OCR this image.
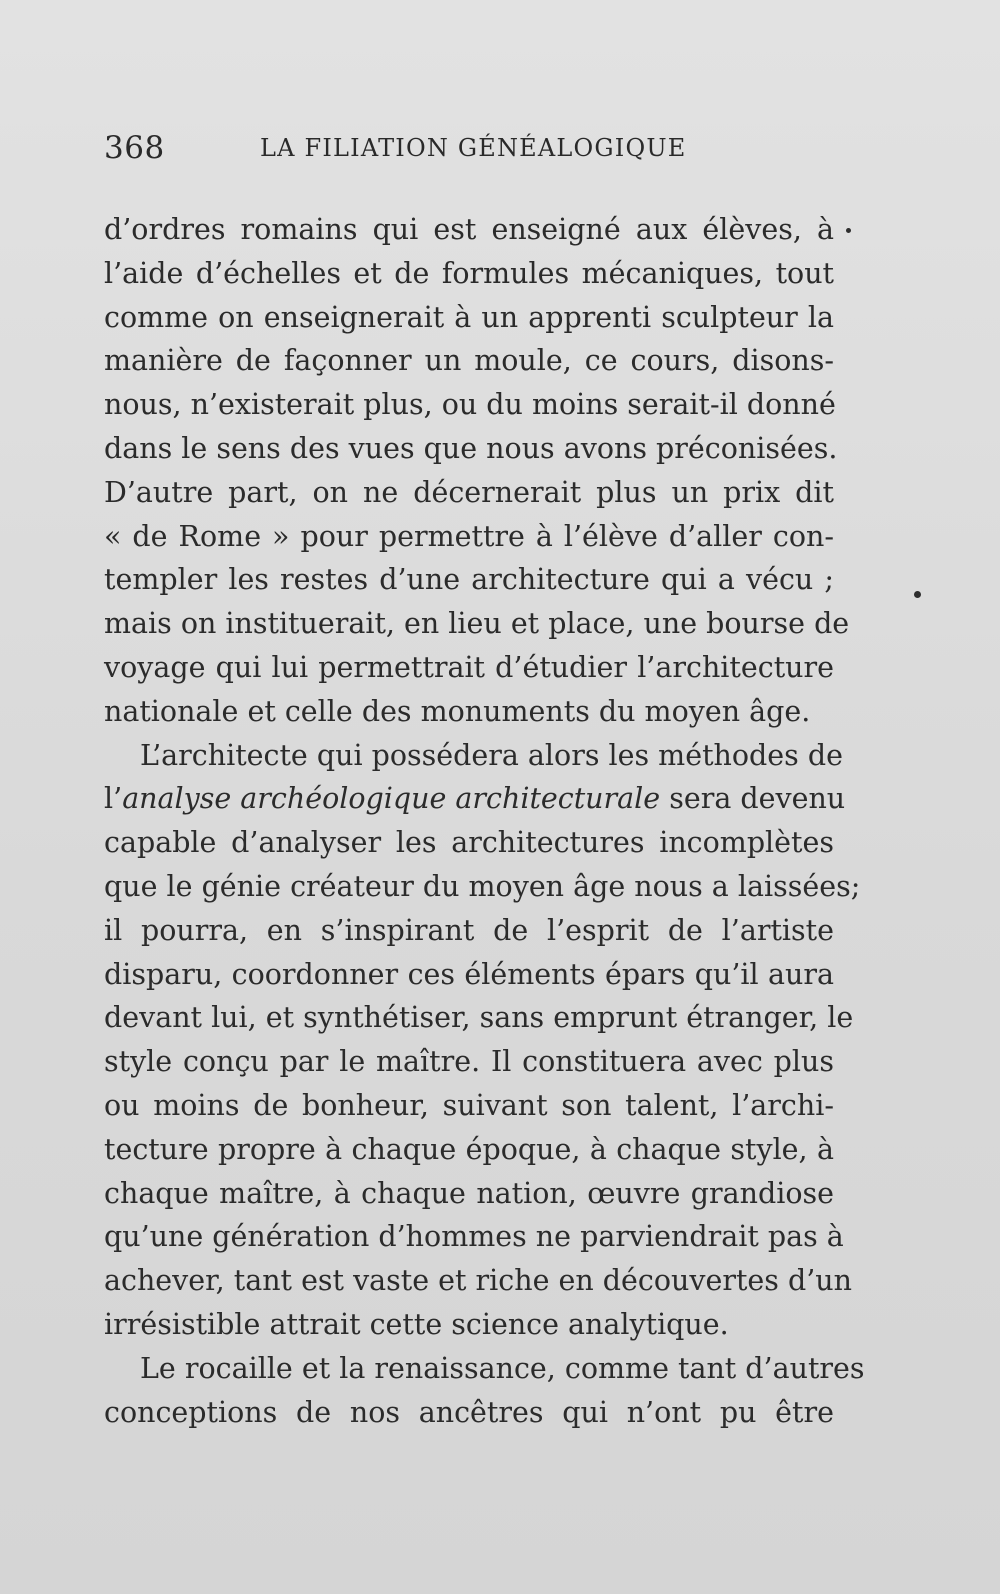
368	LA FILIATION GÉNÉALOGIQUE
d’ordres romains qui est enseigné aux élèves, à
l’aide d’échelles et de formules mécaniques, tout
comme on enseignerait à un apprenti sculpteur la
manière de façonner un moule, ce cours, disons-
nous, n’existerait plus, ou du moins serait-il donné
dans le sens des vues que nous avons préconisées.
D’autre part, on ne décernerait plus un prix dit
« de Rome » pour permettre à l’élève d’aller con-
templer les restes d’une architecture qui a vécu ;
mais on instituerait, en lieu et place, une bourse de
voyage qui lui permettrait d’étudier l’architecture
nationale et celle des monuments du moyen âge.
L’architecte qui possédera alors les méthodes de
l’analyse archéologique architecturale sera devenu
capable d’analyser les architectures incomplètes
que le génie créateur du moyen âge nous a laissées;
il pourra, en s’inspirant de l’esprit de l’artiste
disparu, coordonner ces éléments épars qu’il aura
devant lui, et synthétiser, sans emprunt étranger, le
style conçu par le maître. Il constituera avec plus
ou moins de bonheur, suivant son talent, l’archi-
tecture propre à chaque époque, à chaque style, à
chaque maître, à chaque nation, œuvre grandiose
qu’une génération d’hommes ne parviendrait pas à
achever, tant est vaste et riche en découvertes d’un
irrésistible attrait cette science analytique.
Le rocaille et la renaissance, comme tant d’autres
conceptions de nos ancêtres qui n’ont pu être
